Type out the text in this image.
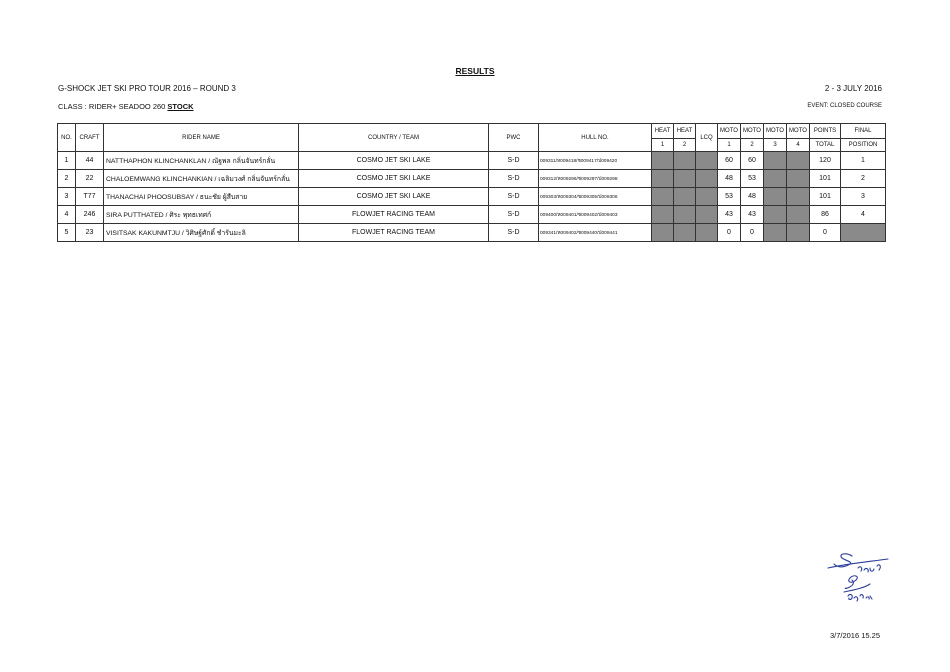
RESULTS
G-SHOCK JET SKI PRO TOUR 2016 – ROUND 3	2 - 3 JULY 2016
CLASS : RIDER+ SEADOO 260 STOCK	EVENT: CLOSED COURSE
NO.	CRAFT	RIDER NAME	COUNTRY / TEAM	PWC	HULL NO.	HEAT	HEAT	LCQ	MOTO	MOTO	MOTO	MOTO	POINTS	FINAL
						1	2		1	2	3	4	TOTAL	POSITION
1	44	NATTHAPHON KLINCHANKLAN / ณัฐพล กลิ่นจันทร์กลั่น	COSMO JET SKI LAKE	S-D	009311/ห009418/ช009417/ป009420				60	60			120	1
2	22	CHALOEMWANG KLINCHANKIAN / เฉลิมวงศ์ กลิ่นจันทร์กลั่น	COSMO JET SKI LAKE	S-D	009312/ห009296/ช009297/ป009298				48	53			101	2
3	T77	THANACHAI PHOOSUBSAY / ธนะชัย ผู้สืบสาย	COSMO JET SKI LAKE	S-D	009303/ห009304/ช009305/ป009306				53	48			101	3
4	246	SIRA PUTTHATED / ศิระ พุทธเทศก์	FLOWJET RACING TEAM	S-D	009400/ห009401/ช009402/ป009403				43	43			86	4
5	23	VISITSAK KAKUNMTJU / วิศิษฐ์ศักดิ์ ชำรันมะลิ	FLOWJET RACING TEAM	S-D	009341/ห009402/ช009440/ป009441				0	0			0	
3/7/2016 15.25
